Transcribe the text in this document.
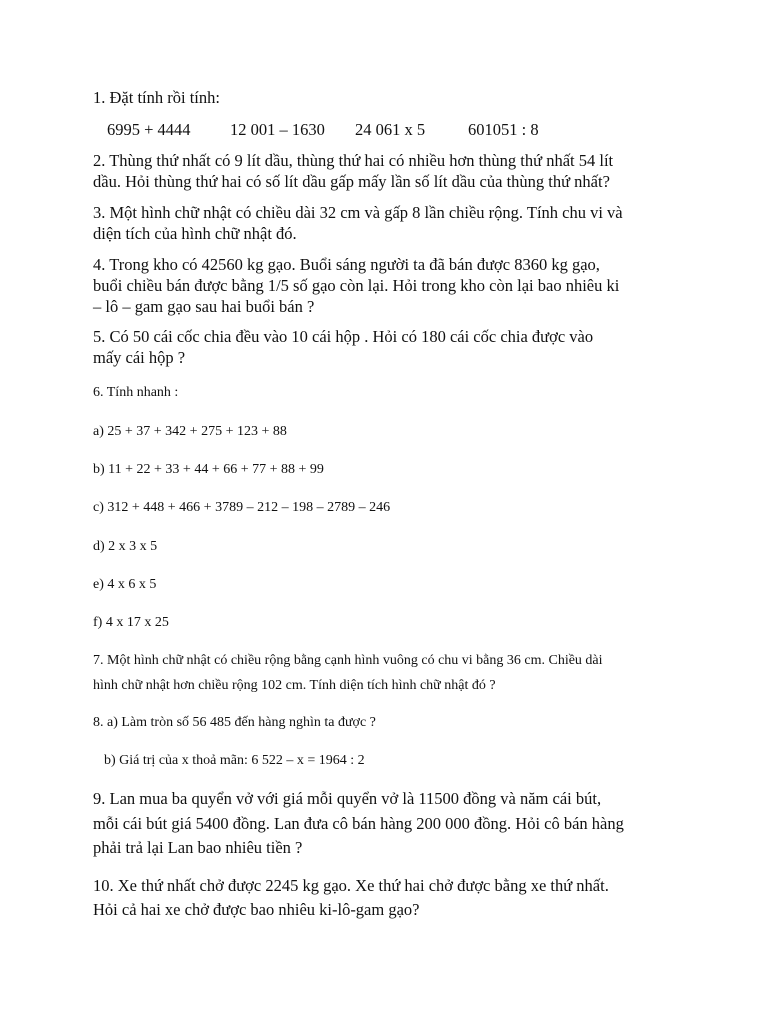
1. Đặt tính rồi tính:
6995 + 4444 12 001 – 1630 24 061 x 5	601051 : 8
2. Thùng thứ nhất có 9 lít dầu, thùng thứ hai có nhiều hơn thùng thứ nhất 54 lít
dầu. Hỏi thùng thứ hai có số lít dầu gấp mấy lần số lít dầu của thùng thứ nhất?
3. Một hình chữ nhật có chiều dài 32 cm và gấp 8 lần chiều rộng. Tính chu vi và
diện tích của hình chữ nhật đó.
4. Trong kho có 42560 kg gạo. Buổi sáng người ta đã bán được 8360 kg gạo,
buổi chiều bán được bằng 1/5 số gạo còn lại. Hỏi trong kho còn lại bao nhiêu ki
– lô – gam gạo sau hai buổi bán ?
5. Có 50 cái cốc chia đều vào 10 cái hộp . Hỏi có 180 cái cốc chia được vào
mấy cái hộp ?
6. Tính nhanh :
a) 25 + 37 + 342 + 275 + 123 + 88
b) 11 + 22 + 33 + 44 + 66 + 77 + 88 + 99
c) 312 + 448 + 466 + 3789 – 212 – 198 – 2789 – 246
d) 2 x 3 x 5
e) 4 x 6 x 5
f) 4 x 17 x 25
7. Một hình chữ nhật có chiều rộng bằng cạnh hình vuông có chu vi bằng 36 cm. Chiều dài
hình chữ nhật hơn chiều rộng 102 cm. Tính diện tích hình chữ nhật đó ?
8. a) Làm tròn số 56 485 đến hàng nghìn ta được ?
b) Giá trị của x thoả mãn: 6 522 – x = 1964 : 2
9. Lan mua ba quyển vở với giá mỗi quyển vở là 11500 đồng và năm cái bút,
mỗi cái bút giá 5400 đồng. Lan đưa cô bán hàng 200 000 đồng. Hỏi cô bán hàng
phải trả lại Lan bao nhiêu tiền ?
10. Xe thứ nhất chở được 2245 kg gạo. Xe thứ hai chở được bằng xe thứ nhất.
Hỏi cả hai xe chở được bao nhiêu ki-lô-gam gạo?
